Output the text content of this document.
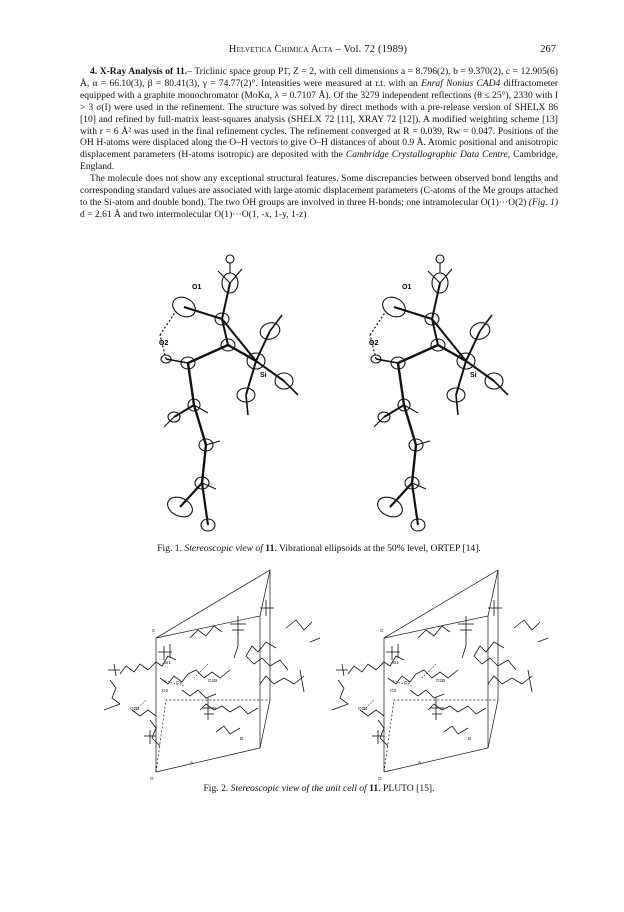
Helvetica Chimica Acta – Vol. 72 (1989)	267

4. X-Ray Analysis of 11.– Triclinic space group P1̄, Z = 2, with cell dimensions a = 8.796(2), b = 9.370(2), c = 12.905(6) Å, α = 66.10(3), β = 80.41(3), γ = 74.77(2)°. Intensities were measured at r.t. with an Enraf Nonius CAD4 diffractometer equipped with a graphite monochromator (MoKα, λ = 0.7107 Å). Of the 3279 independent reflections (θ ≤ 25°), 2330 with I > 3 σ(I) were used in the refinement. The structure was solved by direct methods with a pre-release version of SHELX 86 [10] and refined by full-matrix least-squares analysis (SHELX 72 [11], XRAY 72 [12]). A modified weighting scheme [13] with r = 6 Å² was used in the final refinement cycles. The refinement converged at R = 0.039, Rw = 0.047. Positions of the OH H-atoms were displaced along the O–H vectors to give O–H distances of about 0.9 Å. Atomic positional and anisotropic displacement parameters (H-atoms isotropic) are deposited with the Cambridge Crystallographic Data Centre, Cambridge, England.

The molecule does not show any exceptional structural features. Some discrepancies between observed bond lengths and corresponding standard values are associated with large atomic displacement parameters (C-atoms of the Me groups attached to the Si-atom and double bond). The two OH groups are involved in three H-bonds; one intramolecular O(1)···O(2) (Fig. 1) d = 2.61 Å and two intermolecular O(1)···O(1, -x, 1-y, 1-z)

O1
O2
Si
O1
O2
Si
Fig. 1. Stereoscopic view of 11. Vibrational ellipsoids at the 50% level, ORTEP [14].
C
SI1
O1	O1B
O2
O2B
B
A
O
C
SI1
O1	O1B
O2
O2B
B
A
O
Fig. 2. Stereoscopic view of the unit cell of 11. PLUTO [15].
